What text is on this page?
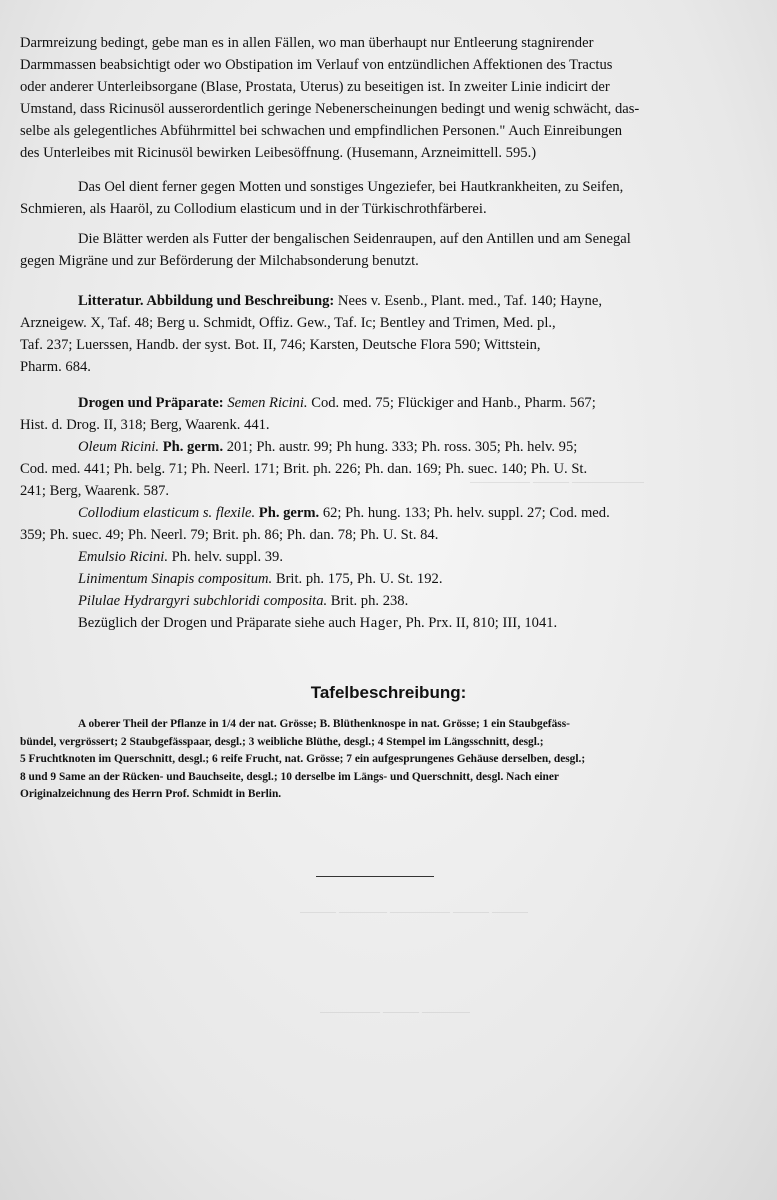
————— ——— ——————
——— ———— ————— ——— ———
————— ——— ————
Darmreizung bedingt, gebe man es in allen Fällen, wo man überhaupt nur Entleerung stagnirender
Darmmassen beabsichtigt oder wo Obstipation im Verlauf von entzündlichen Affektionen des Tractus
oder anderer Unterleibsorgane (Blase, Prostata, Uterus) zu beseitigen ist. In zweiter Linie indicirt der
Umstand, dass Ricinusöl ausserordentlich geringe Nebenerscheinungen bedingt und wenig schwächt, das-
selbe als gelegentliches Abführmittel bei schwachen und empfindlichen Personen." Auch Einreibungen
des Unterleibes mit Ricinusöl bewirken Leibesöffnung. (Husemann, Arzneimittell. 595.)
Das Oel dient ferner gegen Motten und sonstiges Ungeziefer, bei Hautkrankheiten, zu Seifen,
Schmieren, als Haaröl, zu Collodium elasticum und in der Türkischrothfärberei.
Die Blätter werden als Futter der bengalischen Seidenraupen, auf den Antillen und am Senegal
gegen Migräne und zur Beförderung der Milchabsonderung benutzt.
Litteratur. Abbildung und Beschreibung: Nees v. Esenb., Plant. med., Taf. 140; Hayne,
Arzneigew. X, Taf. 48; Berg u. Schmidt, Offiz. Gew., Taf. Ic; Bentley and Trimen, Med. pl.,
Taf. 237; Luerssen, Handb. der syst. Bot. II, 746; Karsten, Deutsche Flora 590; Wittstein,
Pharm. 684.
Drogen und Präparate: Semen Ricini. Cod. med. 75; Flückiger and Hanb., Pharm. 567;
Hist. d. Drog. II, 318; Berg, Waarenk. 441.
Oleum Ricini. Ph. germ. 201; Ph. austr. 99; Ph hung. 333; Ph. ross. 305; Ph. helv. 95;
Cod. med. 441; Ph. belg. 71; Ph. Neerl. 171; Brit. ph. 226; Ph. dan. 169; Ph. suec. 140; Ph. U. St.
241; Berg, Waarenk. 587.
Collodium elasticum s. flexile. Ph. germ. 62; Ph. hung. 133; Ph. helv. suppl. 27; Cod. med.
359; Ph. suec. 49; Ph. Neerl. 79; Brit. ph. 86; Ph. dan. 78; Ph. U. St. 84.
Emulsio Ricini. Ph. helv. suppl. 39.
Linimentum Sinapis compositum. Brit. ph. 175, Ph. U. St. 192.
Pilulae Hydrargyri subchloridi composita. Brit. ph. 238.
Bezüglich der Drogen und Präparate siehe auch Hager, Ph. Prx. II, 810; III, 1041.
Tafelbeschreibung:
A oberer Theil der Pflanze in 1/4 der nat. Grösse; B. Blüthenknospe in nat. Grösse; 1 ein Staubgefäss-
bündel, vergrössert; 2 Staubgefässpaar, desgl.; 3 weibliche Blüthe, desgl.; 4 Stempel im Längsschnitt, desgl.;
5 Fruchtknoten im Querschnitt, desgl.; 6 reife Frucht, nat. Grösse; 7 ein aufgesprungenes Gehäuse derselben, desgl.;
8 und 9 Same an der Rücken- und Bauchseite, desgl.; 10 derselbe im Längs- und Querschnitt, desgl. Nach einer
Originalzeichnung des Herrn Prof. Schmidt in Berlin.
